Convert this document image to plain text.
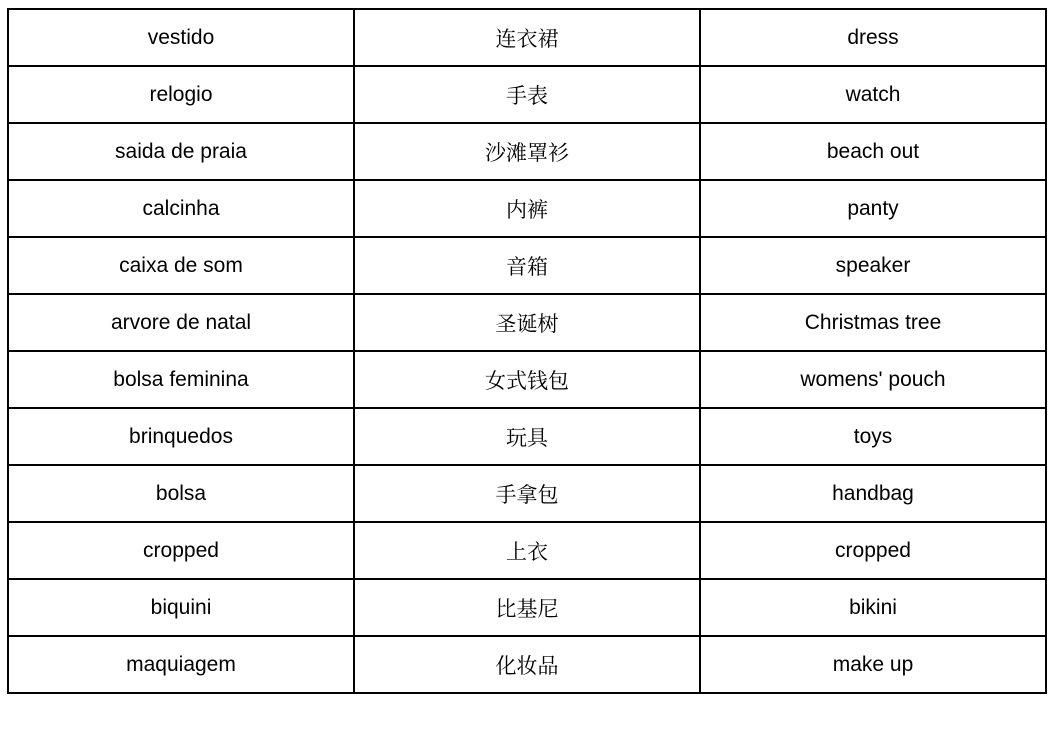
vestido	连衣裙	dress
relogio	手表	watch
saida de praia	沙滩罩衫	beach out
calcinha	内裤	panty
caixa de som	音箱	speaker
arvore de natal	圣诞树	Christmas tree
bolsa feminina	女式钱包	womens' pouch
brinquedos	玩具	toys
bolsa	手拿包	handbag
cropped	上衣	cropped
biquini	比基尼	bikini
maquiagem	化妆品	make up
